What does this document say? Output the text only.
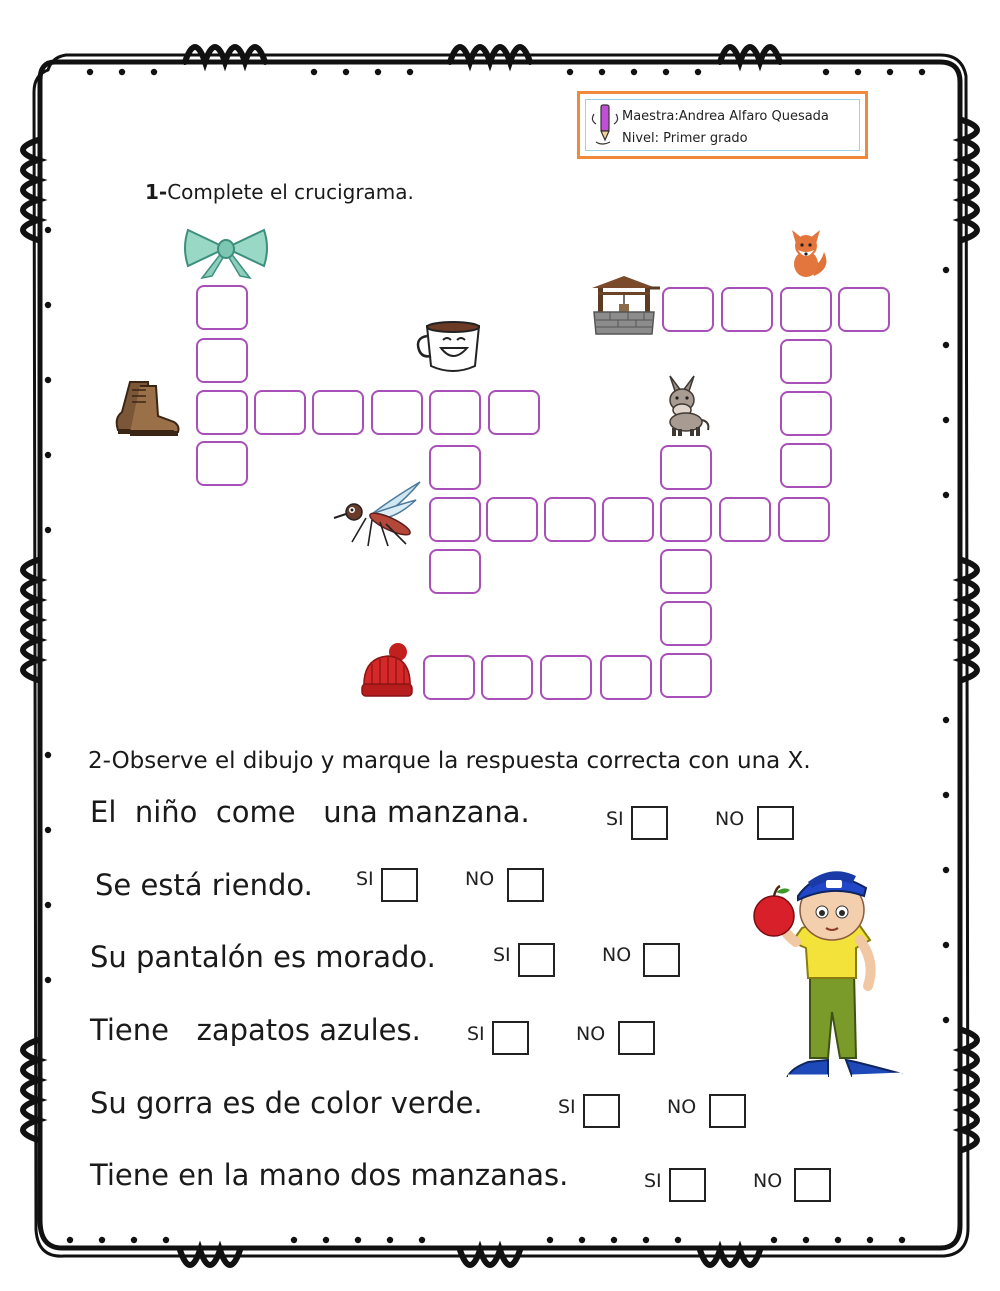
Maestra:Andrea Alfaro Quesada
Nivel: Primer grado
1-Complete el crucigrama.
2-Observe el dibujo y marque la respuesta correcta con una X.
El  niño  come   una manzana.	SI	NO
Se está riendo. SI	NO
Su pantalón es morado.	SI	NO
Tiene   zapatos azules. SI	NO
Su gorra es de color verde.	SI	NO
Tiene en la mano dos manzanas.	SI	NO
